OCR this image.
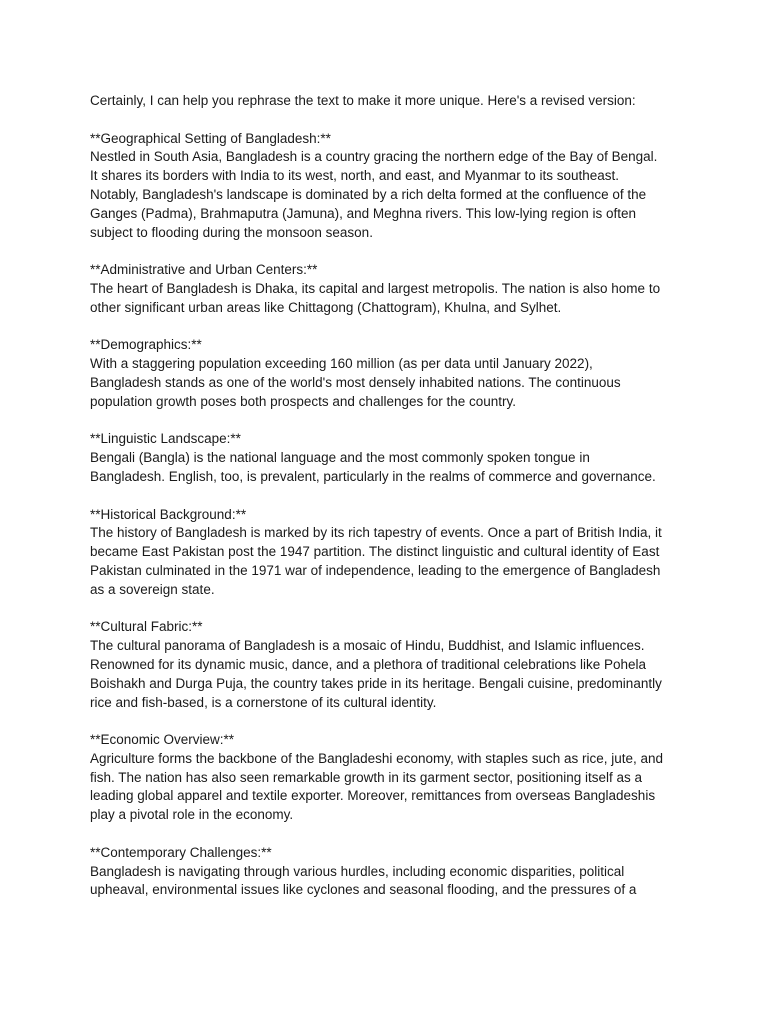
Certainly, I can help you rephrase the text to make it more unique. Here's a revised version:

**Geographical Setting of Bangladesh:**
Nestled in South Asia, Bangladesh is a country gracing the northern edge of the Bay of Bengal.
It shares its borders with India to its west, north, and east, and Myanmar to its southeast.
Notably, Bangladesh's landscape is dominated by a rich delta formed at the confluence of the
Ganges (Padma), Brahmaputra (Jamuna), and Meghna rivers. This low-lying region is often
subject to flooding during the monsoon season.
**Administrative and Urban Centers:**
The heart of Bangladesh is Dhaka, its capital and largest metropolis. The nation is also home to
other significant urban areas like Chittagong (Chattogram), Khulna, and Sylhet.
**Demographics:**
With a staggering population exceeding 160 million (as per data until January 2022),
Bangladesh stands as one of the world's most densely inhabited nations. The continuous
population growth poses both prospects and challenges for the country.
**Linguistic Landscape:**
Bengali (Bangla) is the national language and the most commonly spoken tongue in
Bangladesh. English, too, is prevalent, particularly in the realms of commerce and governance.
**Historical Background:**
The history of Bangladesh is marked by its rich tapestry of events. Once a part of British India, it
became East Pakistan post the 1947 partition. The distinct linguistic and cultural identity of East
Pakistan culminated in the 1971 war of independence, leading to the emergence of Bangladesh
as a sovereign state.
**Cultural Fabric:**
The cultural panorama of Bangladesh is a mosaic of Hindu, Buddhist, and Islamic influences.
Renowned for its dynamic music, dance, and a plethora of traditional celebrations like Pohela
Boishakh and Durga Puja, the country takes pride in its heritage. Bengali cuisine, predominantly
rice and fish-based, is a cornerstone of its cultural identity.
**Economic Overview:**
Agriculture forms the backbone of the Bangladeshi economy, with staples such as rice, jute, and
fish. The nation has also seen remarkable growth in its garment sector, positioning itself as a
leading global apparel and textile exporter. Moreover, remittances from overseas Bangladeshis
play a pivotal role in the economy.
**Contemporary Challenges:**
Bangladesh is navigating through various hurdles, including economic disparities, political
upheaval, environmental issues like cyclones and seasonal flooding, and the pressures of a
